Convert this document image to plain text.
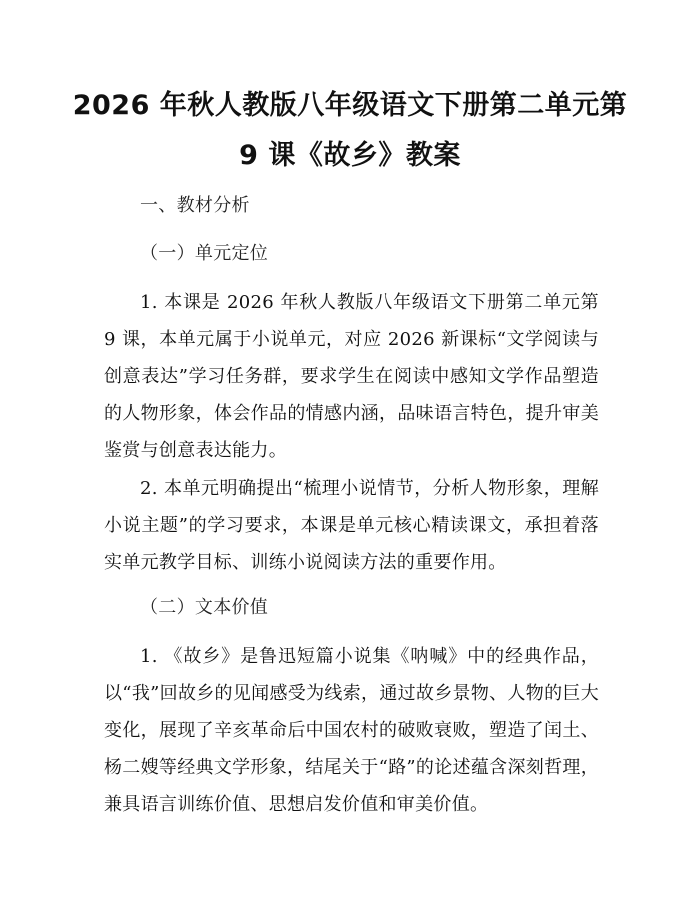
2026 年秋人教版八年级语文下册第二单元第
9 课《故乡》教案
一、教材分析
（一）单元定位
1. 本课是 2026 年秋人教版八年级语文下册第二单元第 9 课，本单元属于小说单元，对应 2026 新课标“文学阅读与创意表达”学习任务群，要求学生在阅读中感知文学作品塑造的人物形象，体会作品的情感内涵，品味语言特色，提升审美鉴赏与创意表达能力。
2. 本单元明确提出“梳理小说情节，分析人物形象，理解小说主题”的学习要求，本课是单元核心精读课文，承担着落实单元教学目标、训练小说阅读方法的重要作用。
（二）文本价值
1. 《故乡》是鲁迅短篇小说集《呐喊》中的经典作品，以“我”回故乡的见闻感受为线索，通过故乡景物、人物的巨大变化，展现了辛亥革命后中国农村的破败衰败，塑造了闰土、杨二嫂等经典文学形象，结尾关于“路”的论述蕴含深刻哲理，兼具语言训练价值、思想启发价值和审美价值。
